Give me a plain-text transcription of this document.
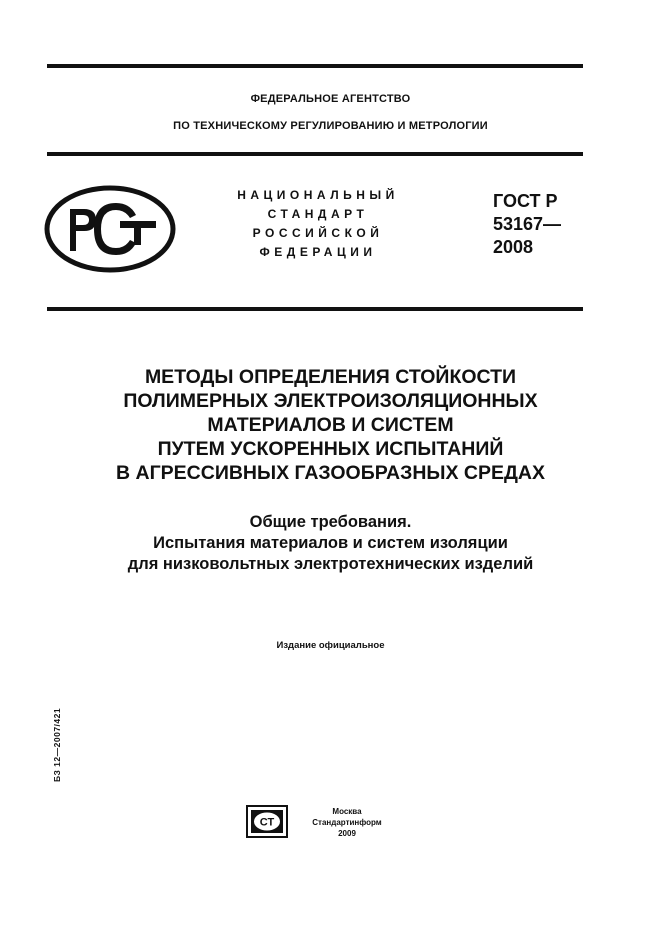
ФЕДЕРАЛЬНОЕ АГЕНТСТВО
ПО ТЕХНИЧЕСКОМУ РЕГУЛИРОВАНИЮ И МЕТРОЛОГИИ
НАЦИОНАЛЬНЫЙ
СТАНДАРТ
РОССИЙСКОЙ
ФЕДЕРАЦИИ
ГОСТ Р
53167—
2008
МЕТОДЫ ОПРЕДЕЛЕНИЯ СТОЙКОСТИ
ПОЛИМЕРНЫХ ЭЛЕКТРОИЗОЛЯЦИОННЫХ
МАТЕРИАЛОВ И СИСТЕМ
ПУТЕМ УСКОРЕННЫХ ИСПЫТАНИЙ
В АГРЕССИВНЫХ ГАЗООБРАЗНЫХ СРЕДАХ
Общие требования.
Испытания материалов и систем изоляции
для низковольтных электротехнических изделий
Издание официальное
БЗ 12—2007/421
СТ
Москва
Стандартинформ
2009
